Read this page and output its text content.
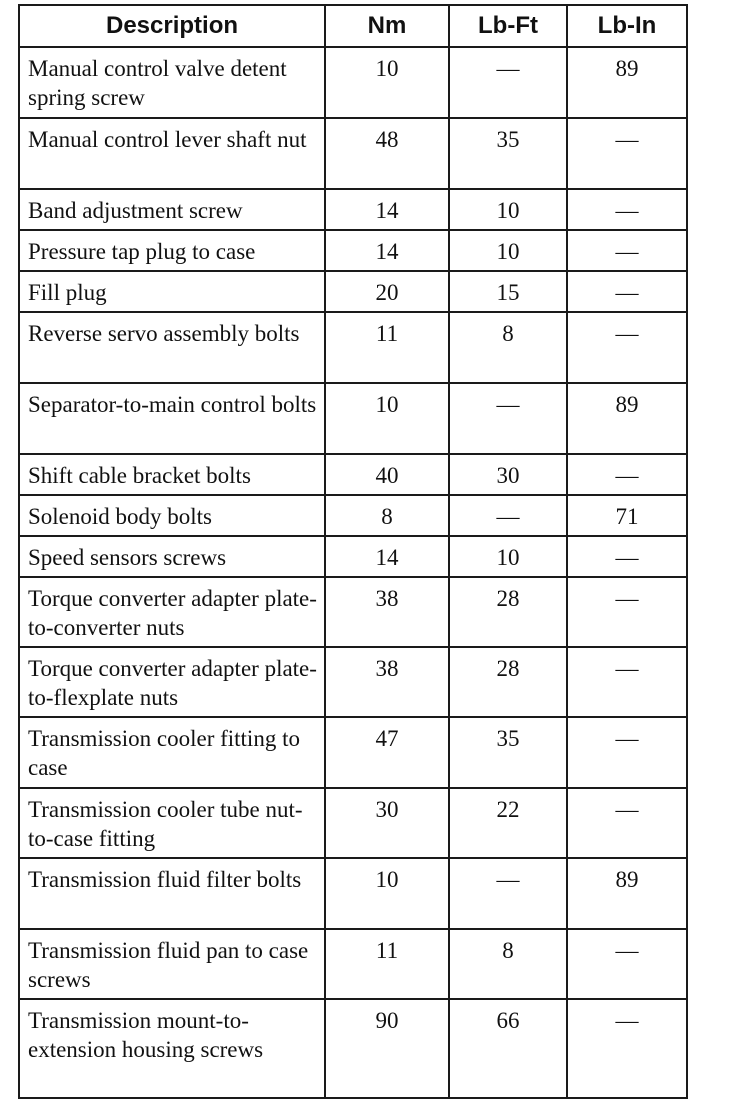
Description	Nm	Lb-Ft	Lb-In
Manual control valve detent spring screw	10	—	89
Manual control lever shaft nut	48	35	—
Band adjustment screw	14	10	—
Pressure tap plug to case	14	10	—
Fill plug	20	15	—
Reverse servo assembly bolts	11	8	—
Separator-to-main control bolts	10	—	89
Shift cable bracket bolts	40	30	—
Solenoid body bolts	8	—	71
Speed sensors screws	14	10	—
Torque converter adapter plate-to-converter nuts	38	28	—
Torque converter adapter plate-to-flexplate nuts	38	28	—
Transmission cooler fitting to case	47	35	—
Transmission cooler tube nut-to-case fitting	30	22	—
Transmission fluid filter bolts	10	—	89
Transmission fluid pan to case screws	11	8	—
Transmission mount-to-extension housing screws	90	66	—
